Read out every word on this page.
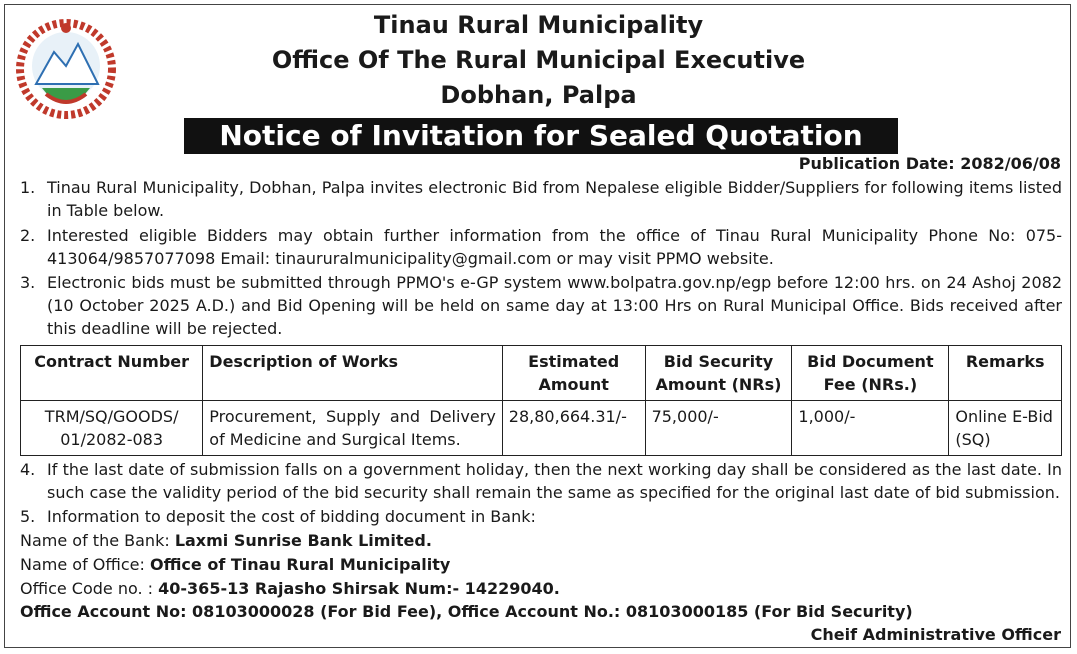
Tinau Rural Municipality
Office Of The Rural Municipal Executive
Dobhan, Palpa
Notice of Invitation for Sealed Quotation
Publication Date: 2082/06/08
1. Tinau Rural Municipality, Dobhan, Palpa invites electronic Bid from Nepalese eligible Bidder/Suppliers for following items listed in Table below.
2. Interested eligible Bidders may obtain further information from the office of Tinau Rural Municipality Phone No: 075-413064/9857077098 Email: tinaururalmunicipality@gmail.com or may visit PPMO website.
3. Electronic bids must be submitted through PPMO's e-GP system www.bolpatra.gov.np/egp before 12:00 hrs. on 24 Ashoj 2082 (10 October 2025 A.D.) and Bid Opening will be held on same day at 13:00 Hrs on Rural Municipal Office. Bids received after this deadline will be rejected.
Contract Number	Description of Works	Estimated Amount	Bid Security Amount (NRs)	Bid Document Fee (NRs.)	Remarks
TRM/SQ/GOODS/ 01/2082-083	Procurement, Supply and Delivery of Medicine and Surgical Items.	28,80,664.31/-	75,000/-	1,000/-	Online E-Bid (SQ)
4. If the last date of submission falls on a government holiday, then the next working day shall be considered as the last date. In such case the validity period of the bid security shall remain the same as specified for the original last date of bid submission.
5. Information to deposit the cost of bidding document in Bank:
Name of the Bank: Laxmi Sunrise Bank Limited.
Name of Office: Office of Tinau Rural Municipality
Office Code no. : 40-365-13 Rajasho Shirsak Num:- 14229040.
Office Account No: 08103000028 (For Bid Fee), Office Account No.: 08103000185 (For Bid Security)
Cheif Administrative Officer
